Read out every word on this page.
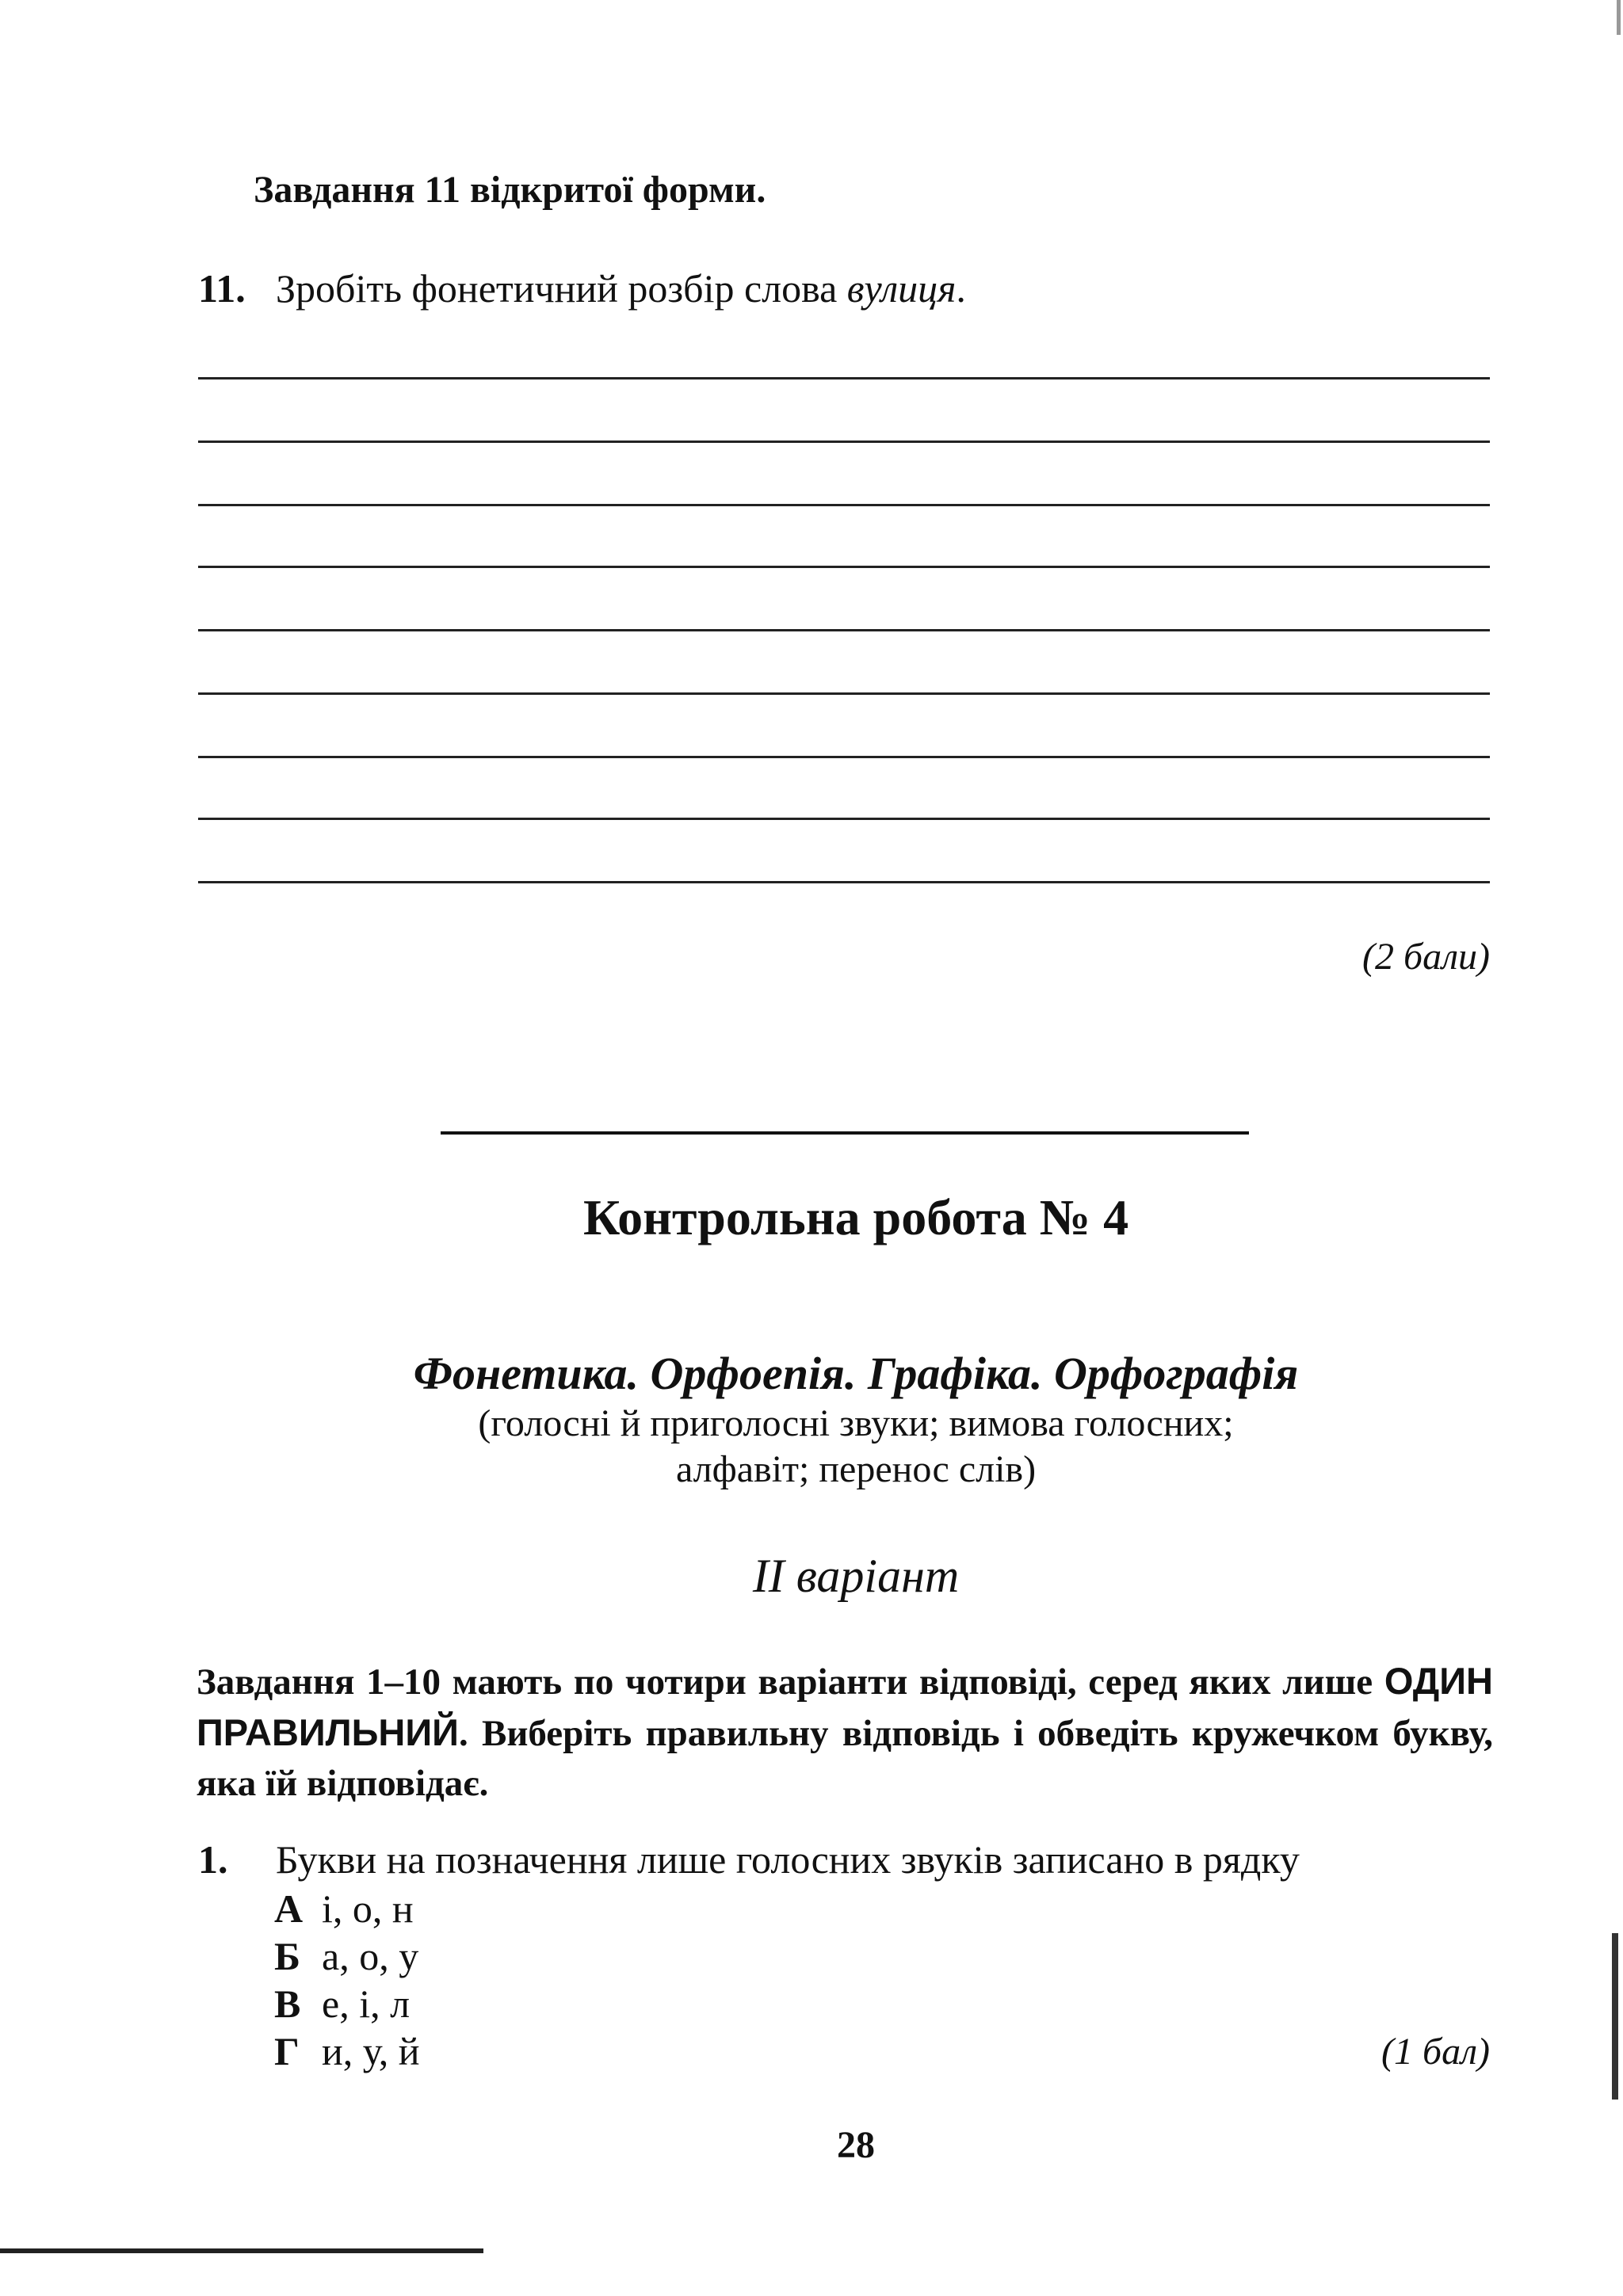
Завдання 11 відкритої форми.
11. Зробіть фонетичний розбір слова вулиця.
(2 бали)
Контрольна робота № 4
Фонетика. Орфоепія. Графіка. Орфографія
(голосні й приголосні звуки; вимова голосних;
алфавіт; перенос слів)
II варіант
Завдання 1–10 мають по чотири варіанти відповіді, серед яких лише ОДИН ПРАВИЛЬНИЙ. Виберіть правильну відповідь і обведіть кружечком букву, яка їй відповідає.
1. Букви на позначення лише голосних звуків записано в рядку
А і, о, н
Б а, о, у
В е, і, л
Г и, у, й	(1 бал)
28
